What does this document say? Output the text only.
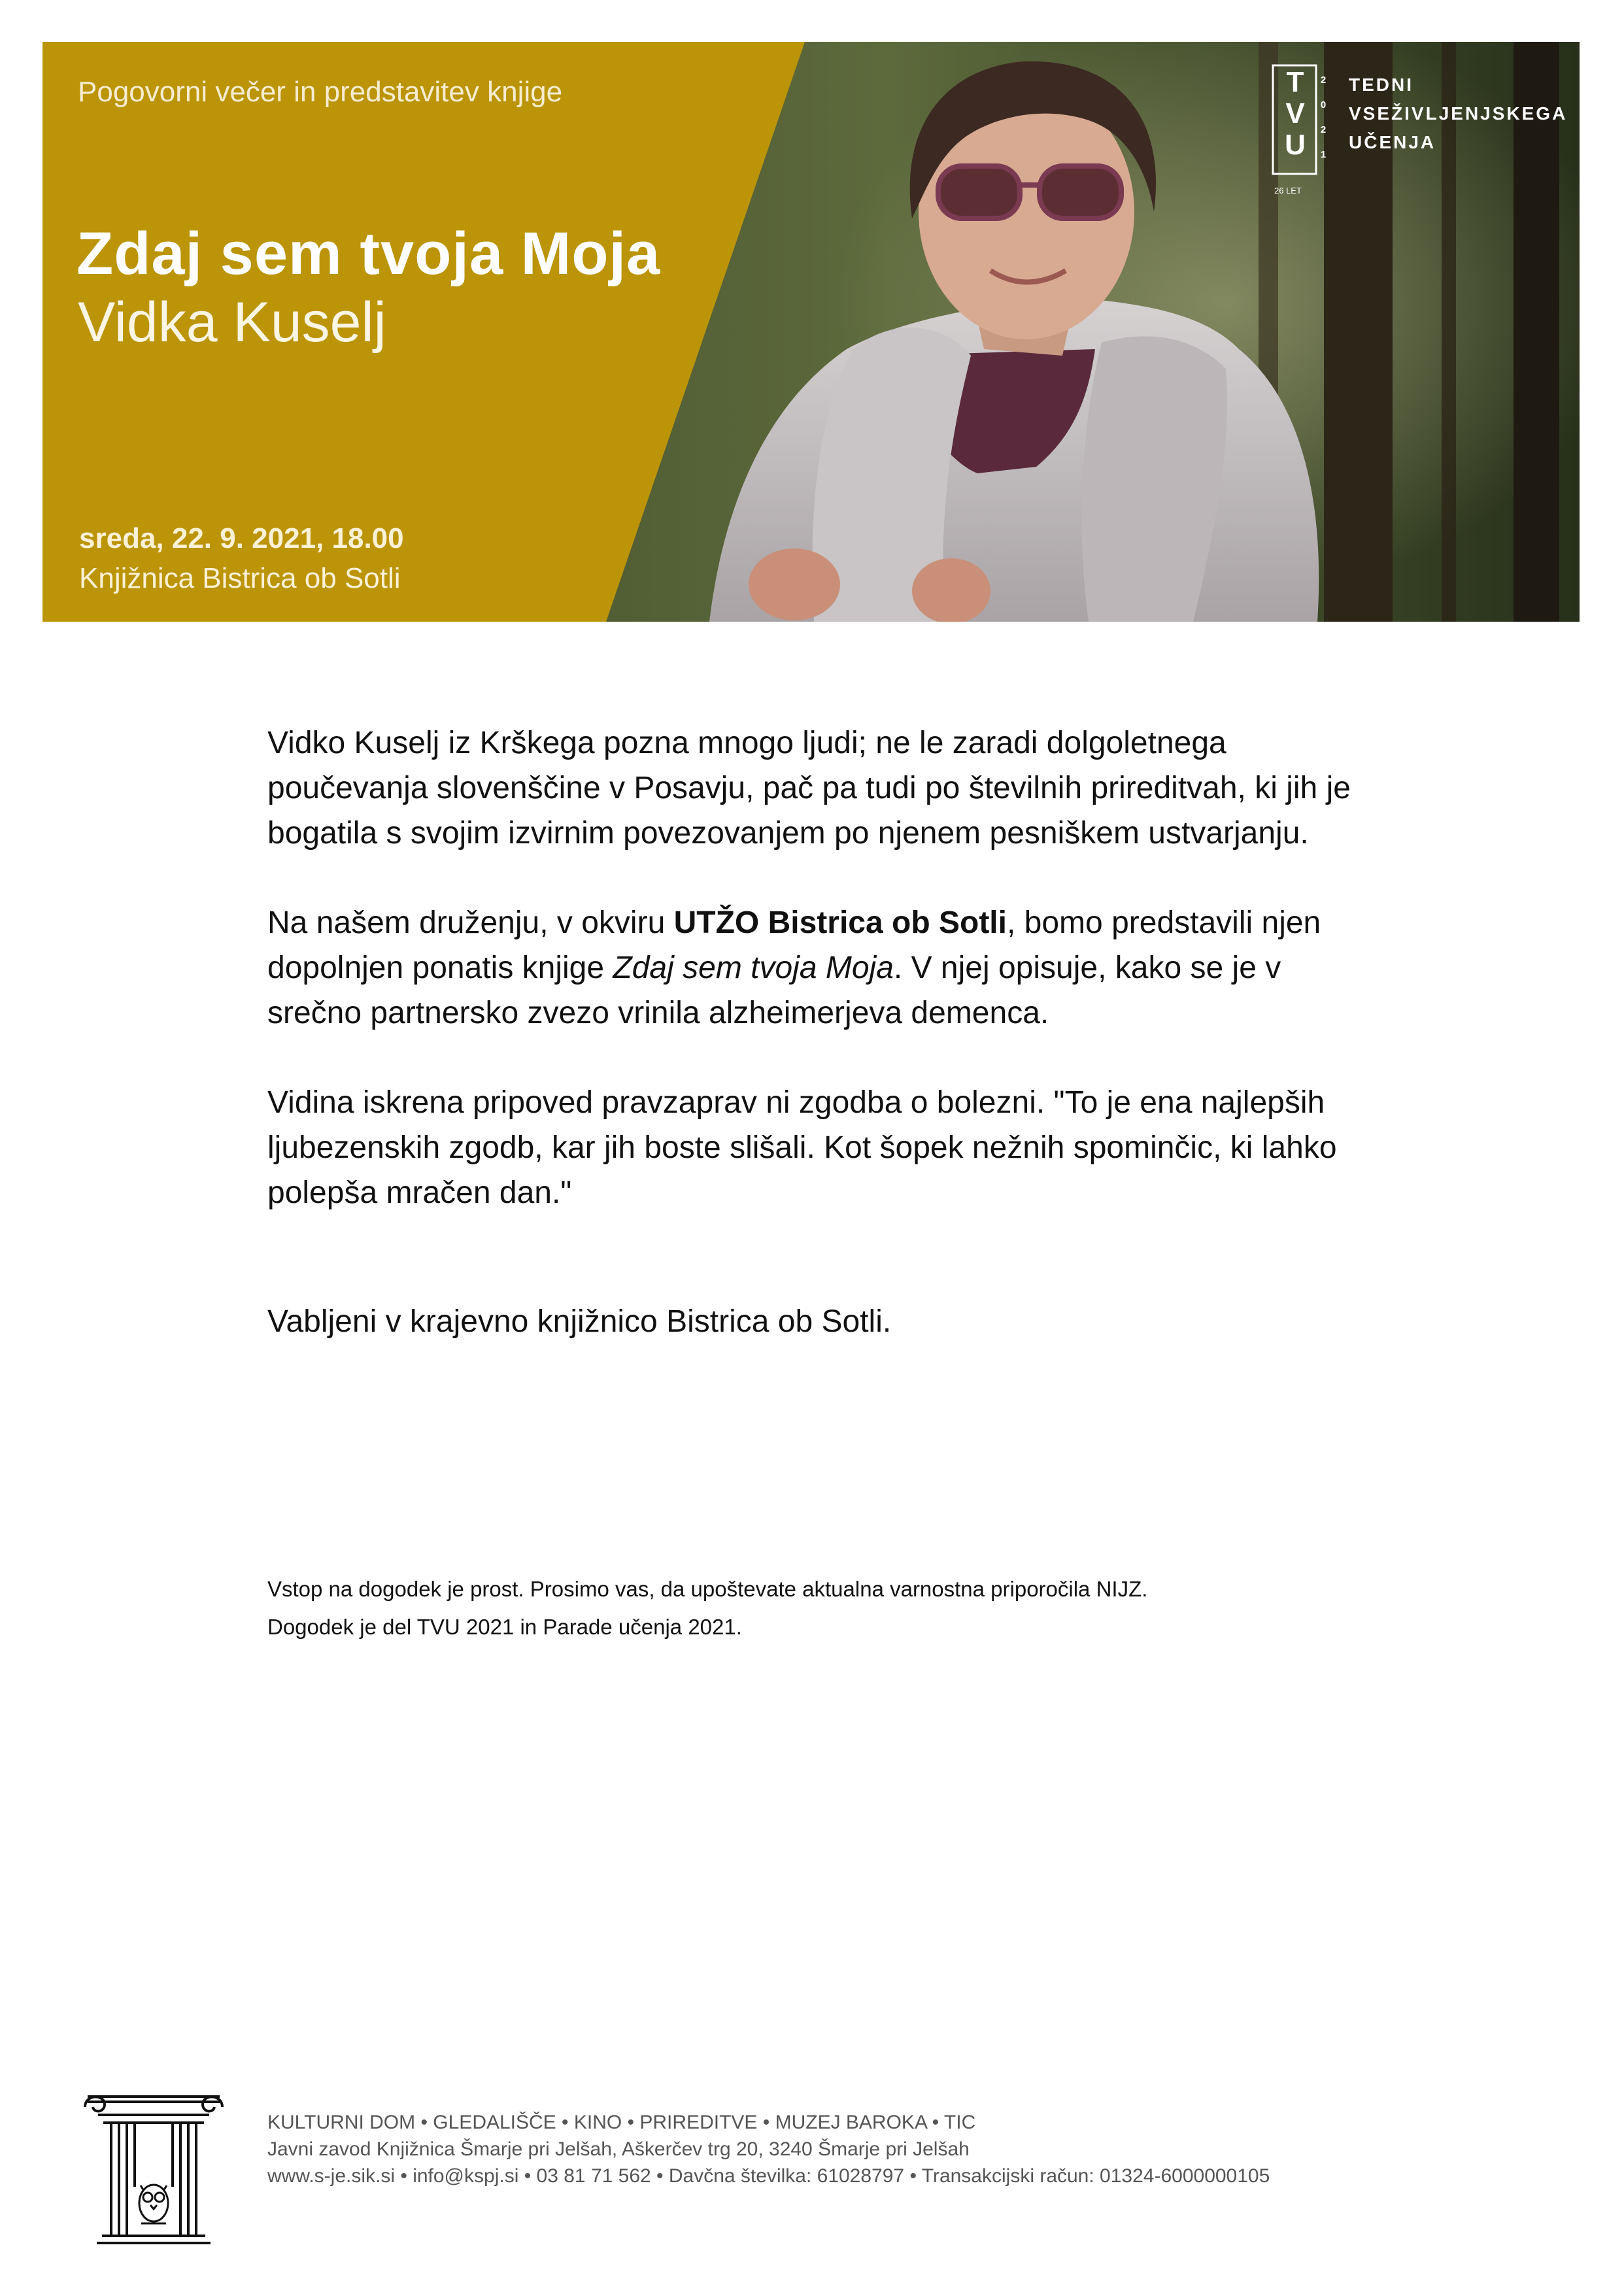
Pogovorni večer in predstavitev knjige
Zdaj sem tvoja Moja
Vidka Kuselj
sreda, 22. 9. 2021, 18.00
Knjižnica Bistrica ob Sotli
T
V
U
2
0
2
1
26 LET
TEDNI
VSEŽIVLJENJSKEGA
UČENJA

Vidko Kuselj iz Krškega pozna mnogo ljudi; ne le zaradi dolgoletnega poučevanja slovenščine v Posavju, pač pa tudi po številnih prireditvah, ki jih je bogatila s svojim izvirnim povezovanjem po njenem pesniškem ustvarjanju.

Na našem druženju, v okviru UTŽO Bistrica ob Sotli, bomo predstavili njen dopolnjen ponatis knjige Zdaj sem tvoja Moja. V njej opisuje, kako se je v srečno partnersko zvezo vrinila alzheimerjeva demenca.

Vidina iskrena pripoved pravzaprav ni zgodba o bolezni. "To je ena najlepših ljubezenskih zgodb, kar jih boste slišali. Kot šopek nežnih spominčic, ki lahko polepša mračen dan."

Vabljeni v krajevno knjižnico Bistrica ob Sotli.

Vstop na dogodek je prost. Prosimo vas, da upoštevate aktualna varnostna priporočila NIJZ.
Dogodek je del TVU 2021 in Parade učenja 2021.
KULTURNI DOM • GLEDALIŠČE • KINO • PRIREDITVE • MUZEJ BAROKA • TIC
Javni zavod Knjižnica Šmarje pri Jelšah, Aškerčev trg 20, 3240 Šmarje pri Jelšah
www.s-je.sik.si • info@kspj.si • 03 81 71 562 • Davčna številka: 61028797 • Transakcijski račun: 01324-6000000105
